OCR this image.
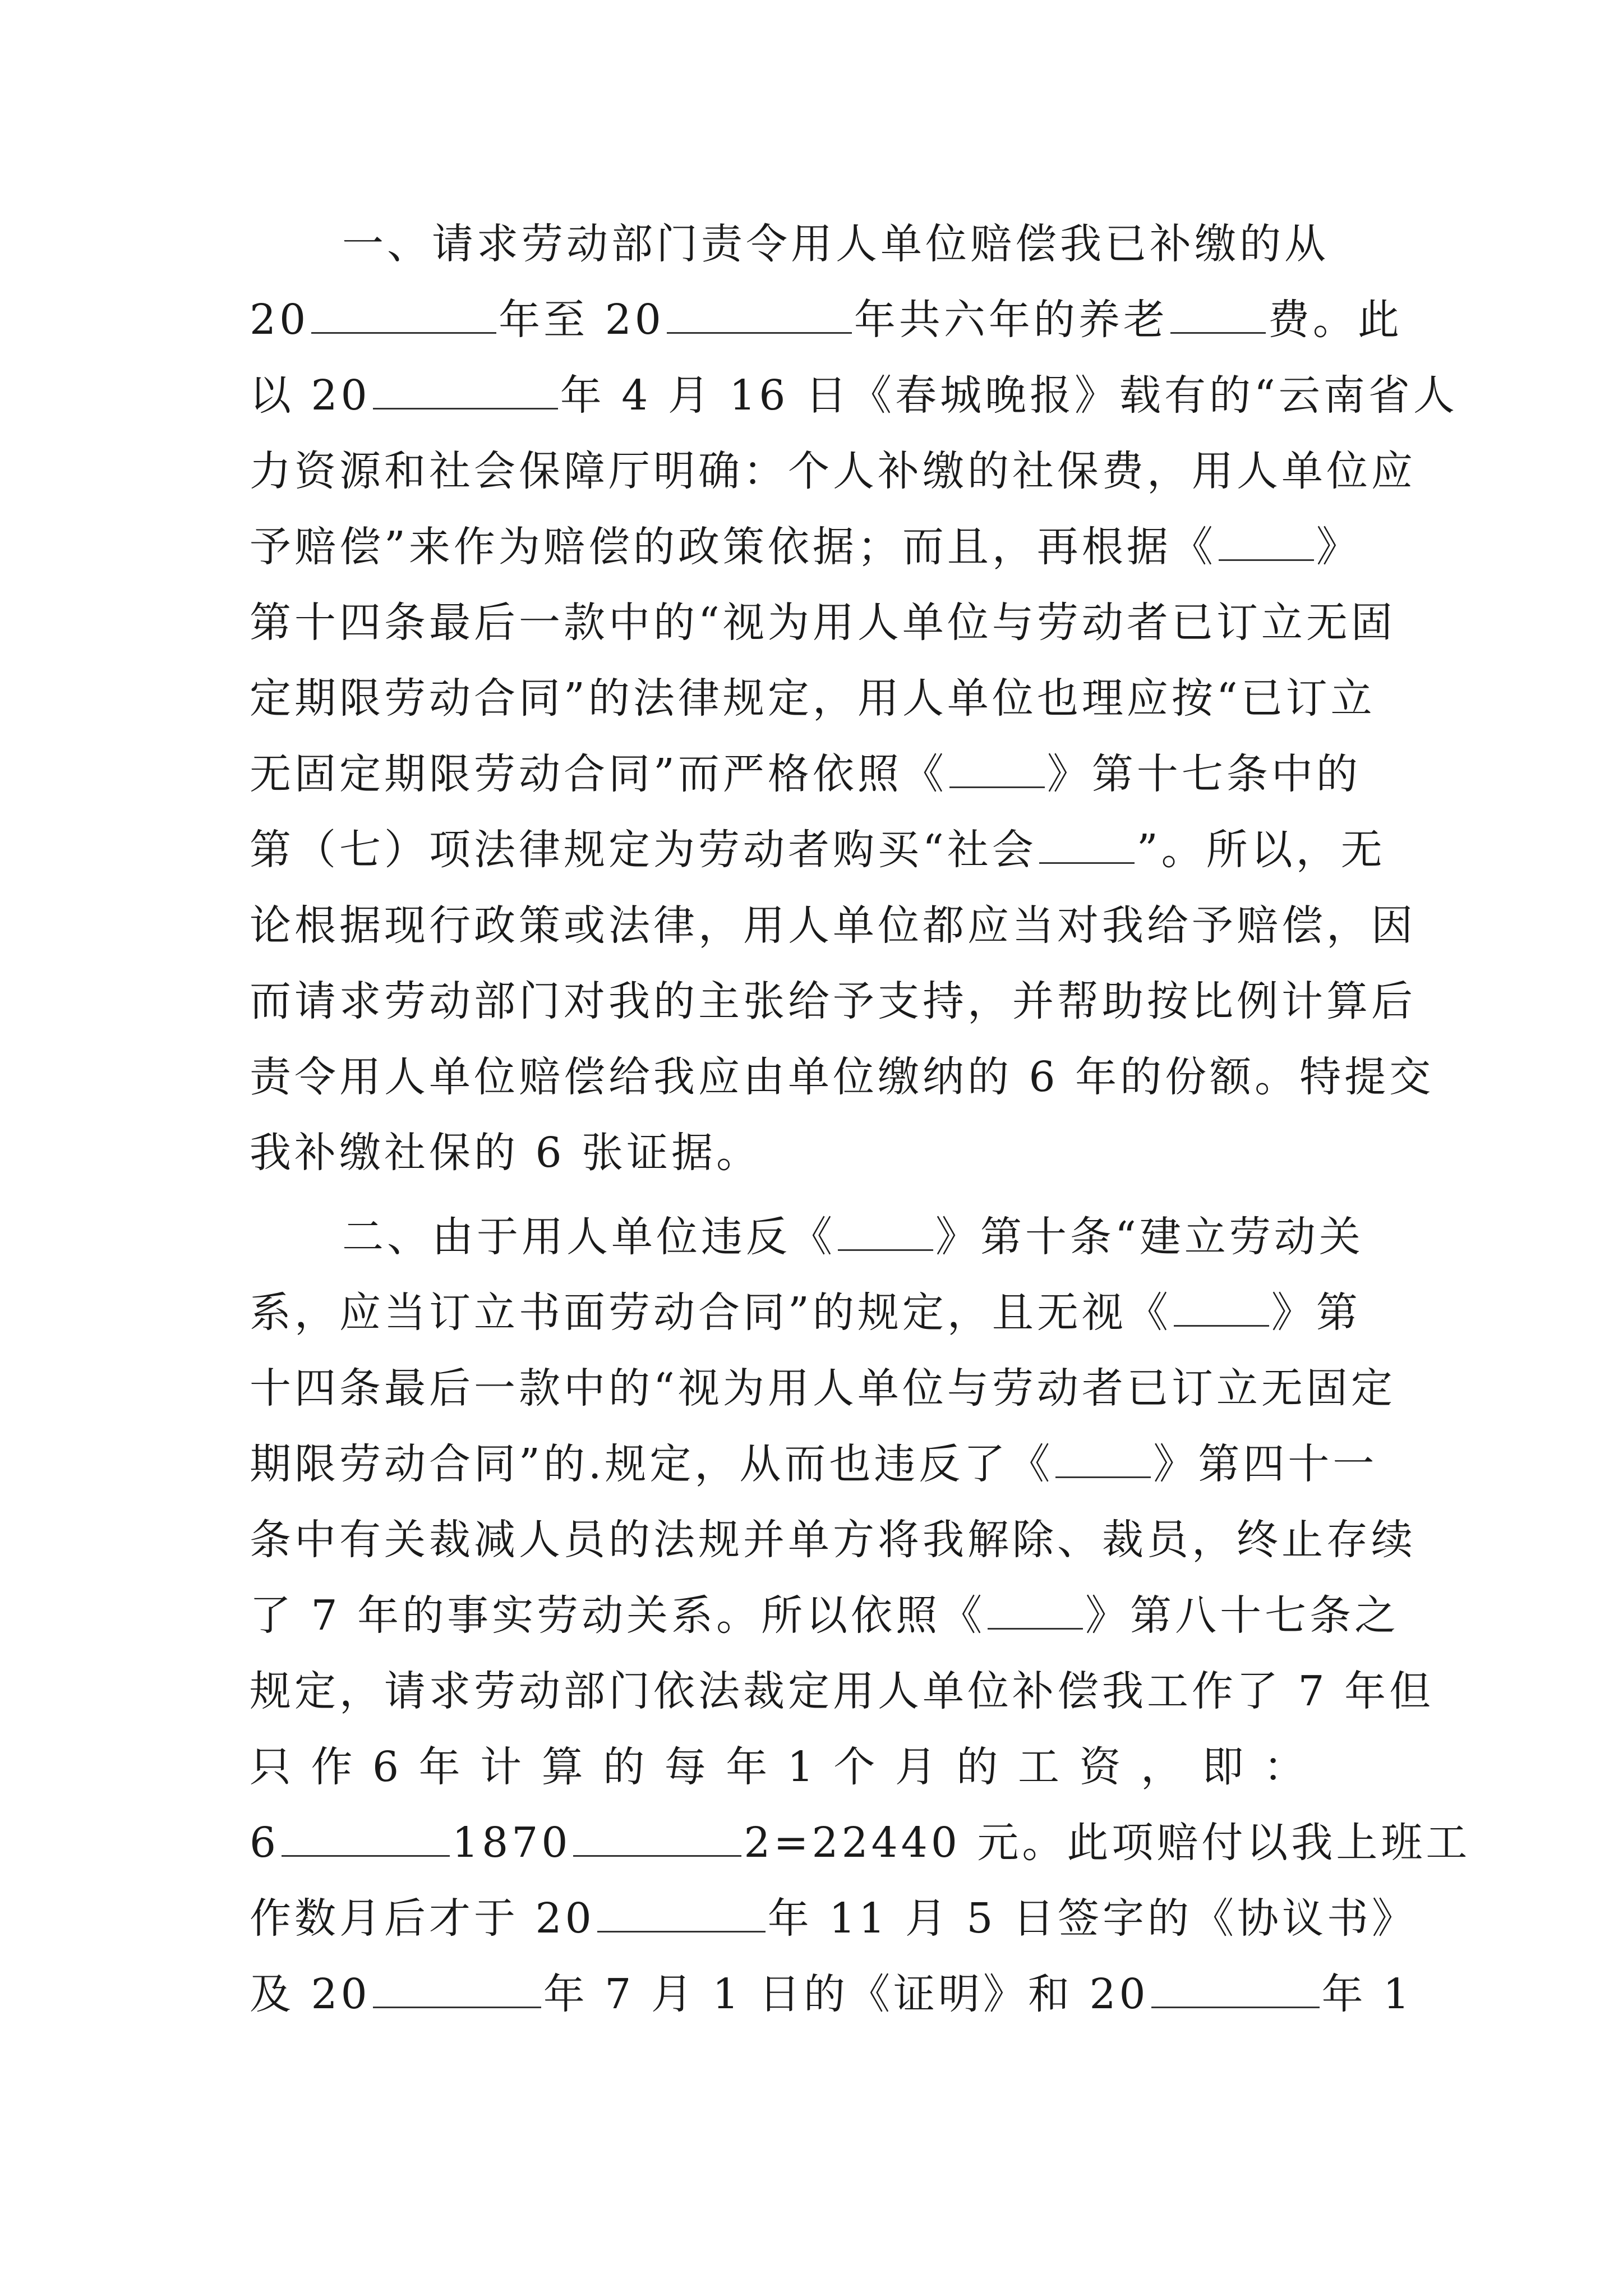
一、请求劳动部门责令用人单位赔偿我已补缴的从
20	年至 20	年共六年的养老 费。此
以 20	年 4 月 16 日《春城晚报》载有的“云南省人
力资源和社会保障厅明确：个人补缴的社保费，用人单位应
予赔偿”来作为赔偿的政策依据；而且，再根据《 》
第十四条最后一款中的“视为用人单位与劳动者已订立无固
定期限劳动合同”的法律规定，用人单位也理应按“已订立
无固定期限劳动合同”而严格依照《 》第十七条中的
第（七）项法律规定为劳动者购买“社会 ”。所以，无
论根据现行政策或法律，用人单位都应当对我给予赔偿，因
而请求劳动部门对我的主张给予支持，并帮助按比例计算后
责令用人单位赔偿给我应由单位缴纳的 6 年的份额。特提交
我补缴社保的 6 张证据。
二、由于用人单位违反《 》第十条“建立劳动关
系，应当订立书面劳动合同”的规定，且无视《 》第
十四条最后一款中的“视为用人单位与劳动者已订立无固定
期限劳动合同”的.规定，从而也违反了《 》第四十一
条中有关裁减人员的法规并单方将我解除、裁员，终止存续
了 7 年的事实劳动关系。所以依照《 》第八十七条之
规定，请求劳动部门依法裁定用人单位补偿我工作了 7 年但
只 作 6 年 计 算 的 每 年 1 个 月 的 工 资 ， 即 ：
6	1870	2=22440 元。此项赔付以我上班工
作数月后才于 20	年 11 月 5 日签字的《协议书》
及 20	年 7 月 1 日的《证明》和 20	年 1
